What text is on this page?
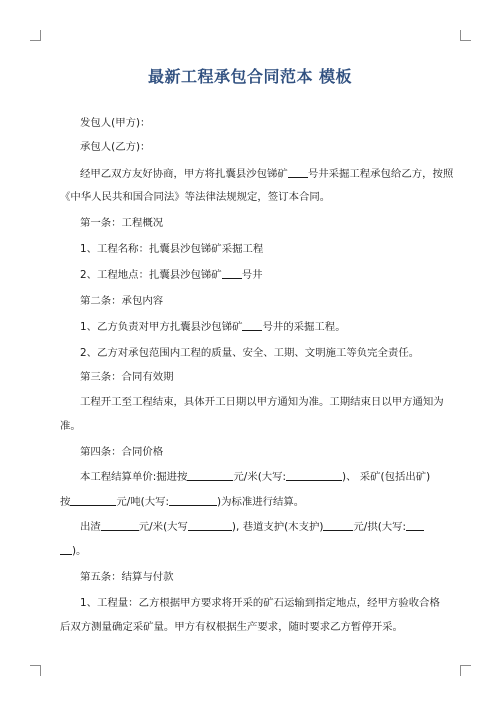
最新工程承包合同范本 模板
发包人(甲方)：
承包人(乙方)：
经甲乙双方友好协商，甲方将扎囊县沙包锑矿 号井采掘工程承包给乙方，按照
《中华人民共和国合同法》等法律法规规定，签订本合同。
第一条：工程概况
1、工程名称：扎囊县沙包锑矿采掘工程
2、工程地点：扎囊县沙包锑矿 号井
第二条：承包内容
1、乙方负责对甲方扎囊县沙包锑矿 号井的采掘工程。
2、乙方对承包范围内工程的质量、安全、工期、文明施工等负完全责任。
第三条：合同有效期
工程开工至工程结束，具体开工日期以甲方通知为准。工期结束日以甲方通知为
准。
第四条：合同价格
本工程结算单价:掘进按	元/米(大写:	)、 采矿(包括出矿)
按	元/吨(大写:	)为标准进行结算。
出渣	元/米(大写	), 巷道支护(木支护)	元/拱(大写:
)。
第五条：结算与付款
1、工程量：乙方根据甲方要求将开采的矿石运输到指定地点，经甲方验收合格
后双方测量确定采矿量。甲方有权根据生产要求，随时要求乙方暂停开采。
